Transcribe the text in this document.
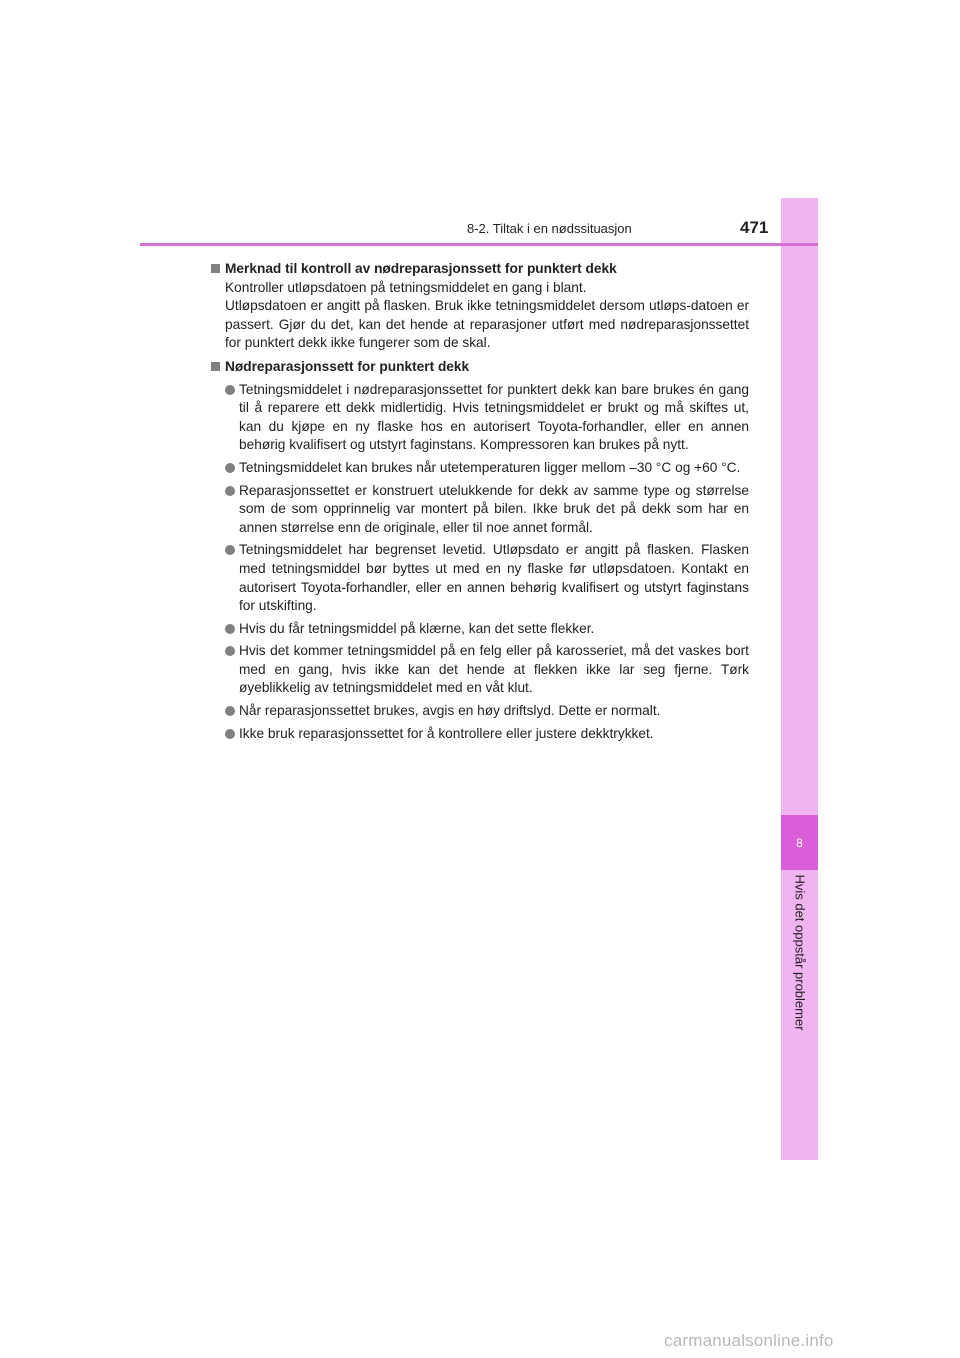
8
Hvis det oppstår problemer
8-2. Tiltak i en nødssituasjon	471
Merknad til kontroll av nødreparasjonssett for punktert dekk
Kontroller utløpsdatoen på tetningsmiddelet en gang i blant.
Utløpsdatoen er angitt på flasken. Bruk ikke tetningsmiddelet dersom utløps-datoen er passert. Gjør du det, kan det hende at reparasjoner utført med nødreparasjonssettet for punktert dekk ikke fungerer som de skal.
Nødreparasjonssett for punktert dekk
Tetningsmiddelet i nødreparasjonssettet for punktert dekk kan bare brukes én gang til å reparere ett dekk midlertidig. Hvis tetningsmiddelet er brukt og må skiftes ut, kan du kjøpe en ny flaske hos en autorisert Toyota-forhandler, eller en annen behørig kvalifisert og utstyrt faginstans. Kompressoren kan brukes på nytt.
Tetningsmiddelet kan brukes når utetemperaturen ligger mellom –30 °C og +60 °C.
Reparasjonssettet er konstruert utelukkende for dekk av samme type og størrelse som de som opprinnelig var montert på bilen. Ikke bruk det på dekk som har en annen størrelse enn de originale, eller til noe annet formål.
Tetningsmiddelet har begrenset levetid. Utløpsdato er angitt på flasken. Flasken med tetningsmiddel bør byttes ut med en ny flaske før utløpsdatoen. Kontakt en autorisert Toyota-forhandler, eller en annen behørig kvalifisert og utstyrt faginstans for utskifting.
Hvis du får tetningsmiddel på klærne, kan det sette flekker.
Hvis det kommer tetningsmiddel på en felg eller på karosseriet, må det vaskes bort med en gang, hvis ikke kan det hende at flekken ikke lar seg fjerne. Tørk øyeblikkelig av tetningsmiddelet med en våt klut.
Når reparasjonssettet brukes, avgis en høy driftslyd. Dette er normalt.
Ikke bruk reparasjonssettet for å kontrollere eller justere dekktrykket.
carmanualsonline.info
